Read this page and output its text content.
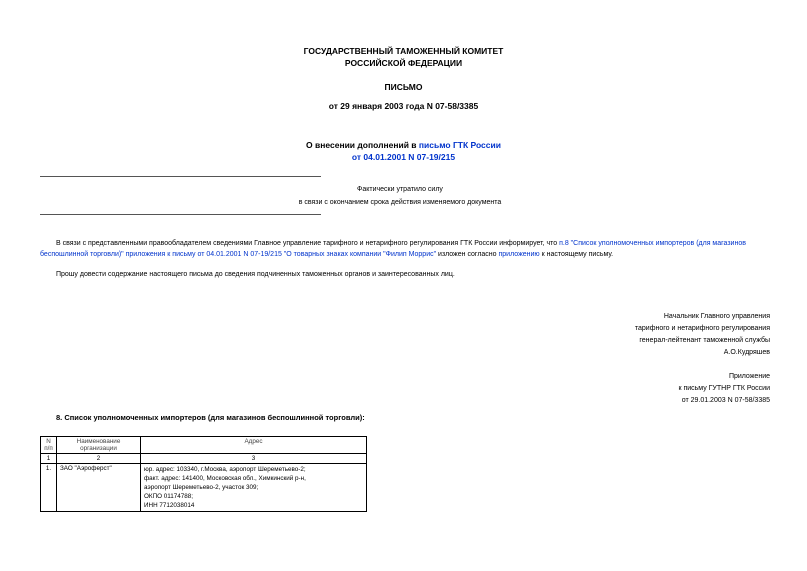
ГОСУДАРСТВЕННЫЙ ТАМОЖЕННЫЙ КОМИТЕТ
РОССИЙСКОЙ ФЕДЕРАЦИИ
ПИСЬМО
от 29 января 2003 года N 07-58/3385
О внесении дополнений в письмо ГТК России
от 04.01.2001 N 07-19/215
Фактически утратило силу
в связи с окончанием срока действия изменяемого документа
В связи с представленными правообладателем сведениями Главное управление тарифного и нетарифного регулирования ГТК России информирует, что п.8 "Список уполномоченных импортеров (для магазинов беспошлинной торговли)" приложения к письму от 04.01.2001 N 07-19/215 "О товарных знаках компании "Филип Моррис" изложен согласно приложению к настоящему письму.
Прошу довести содержание настоящего письма до сведения подчиненных таможенных органов и заинтересованных лиц.
Начальник Главного управления
тарифного и нетарифного регулирования
генерал-лейтенант таможенной службы
А.О.Кудряшев
Приложение
к письму ГУТНР ГТК России
от 29.01.2003 N 07-58/3385
8. Список уполномоченных импортеров (для магазинов беспошлинной торговли):
N п/п	Наименование организации	Адрес
1	2	3
1.	ЗАО "Аэроферст"	юр. адрес: 103340, г.Москва, аэропорт Шереметьево-2;
факт. адрес: 141400, Московская обл., Химкинский р-н,
аэропорт Шереметьево-2, участок 309;
ОКПО 01174788;
ИНН 7712038014
